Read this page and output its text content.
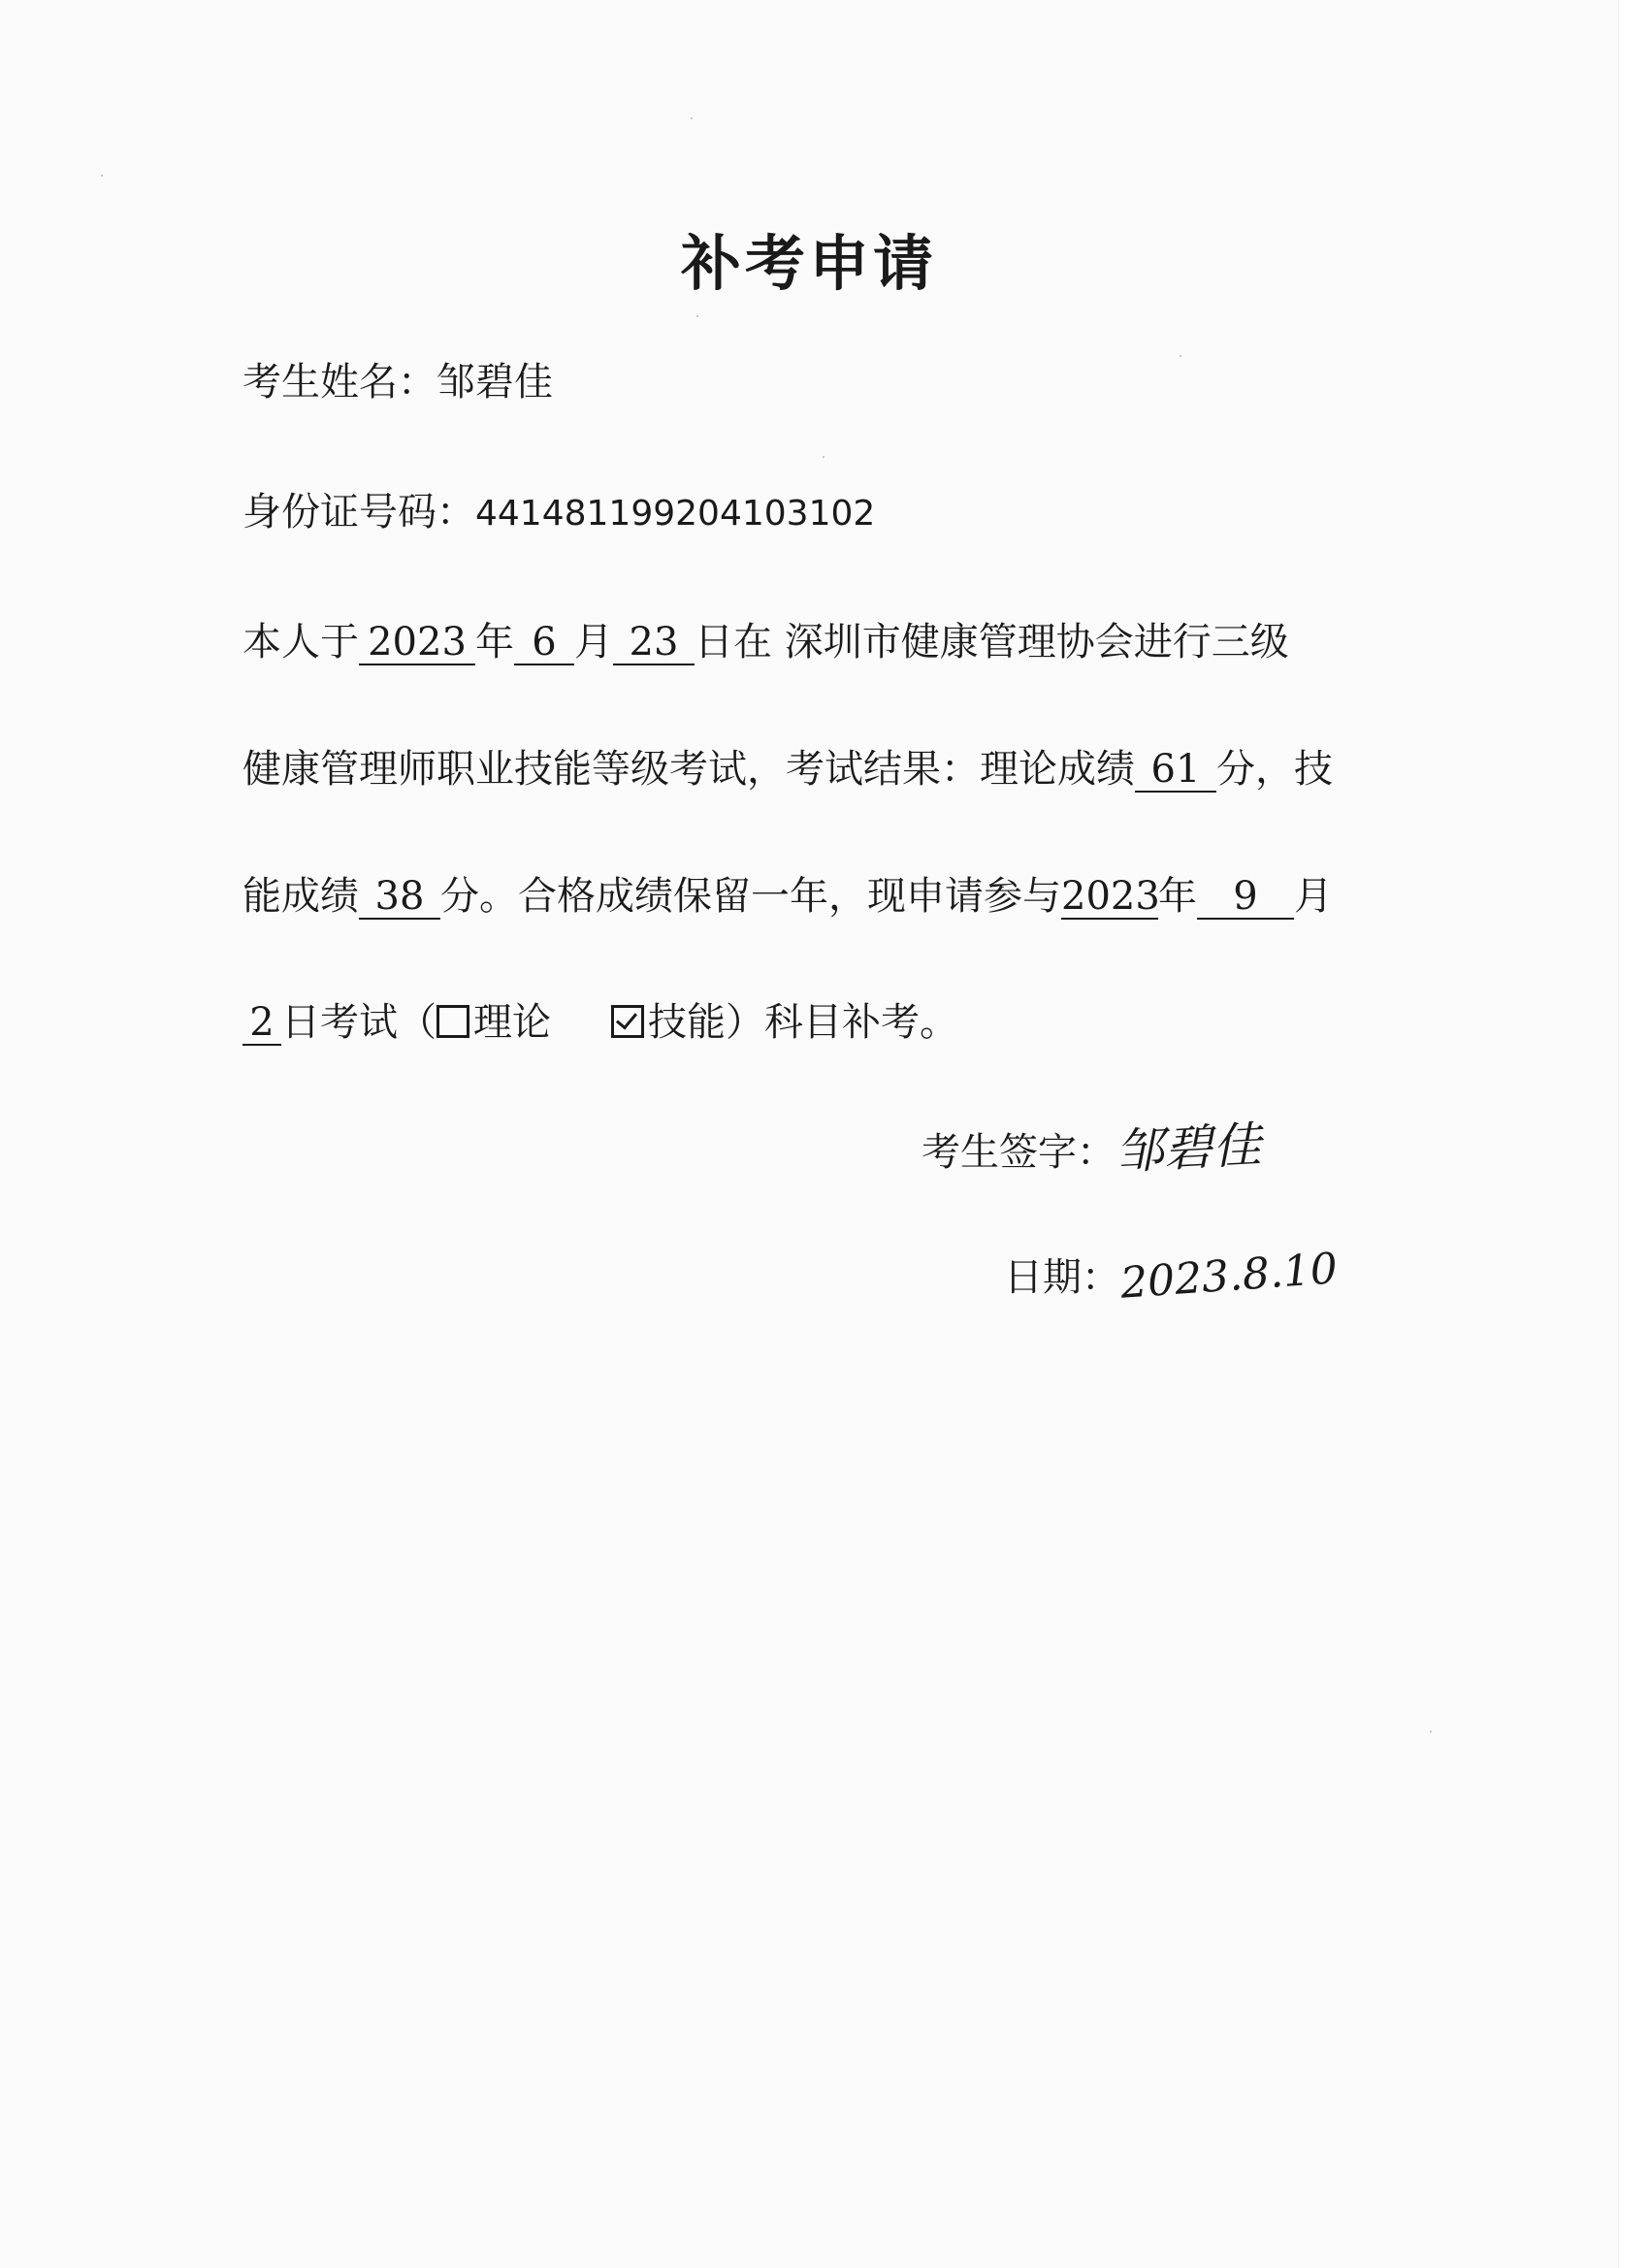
补考申请
考生姓名：邹碧佳
身份证号码：441481199204103102
本人于 2023 年 6 月 23 日在 深圳市健康管理协会进行三级
健康管理师职业技能等级考试，考试结果：理论成绩 61 分，技
能成绩 38 分。合格成绩保留一年，现申请参与2023年 9 月
2 日考试（ 理论	技能）科目补考。
考生签字：邹碧佳
日期：2023.8.10
